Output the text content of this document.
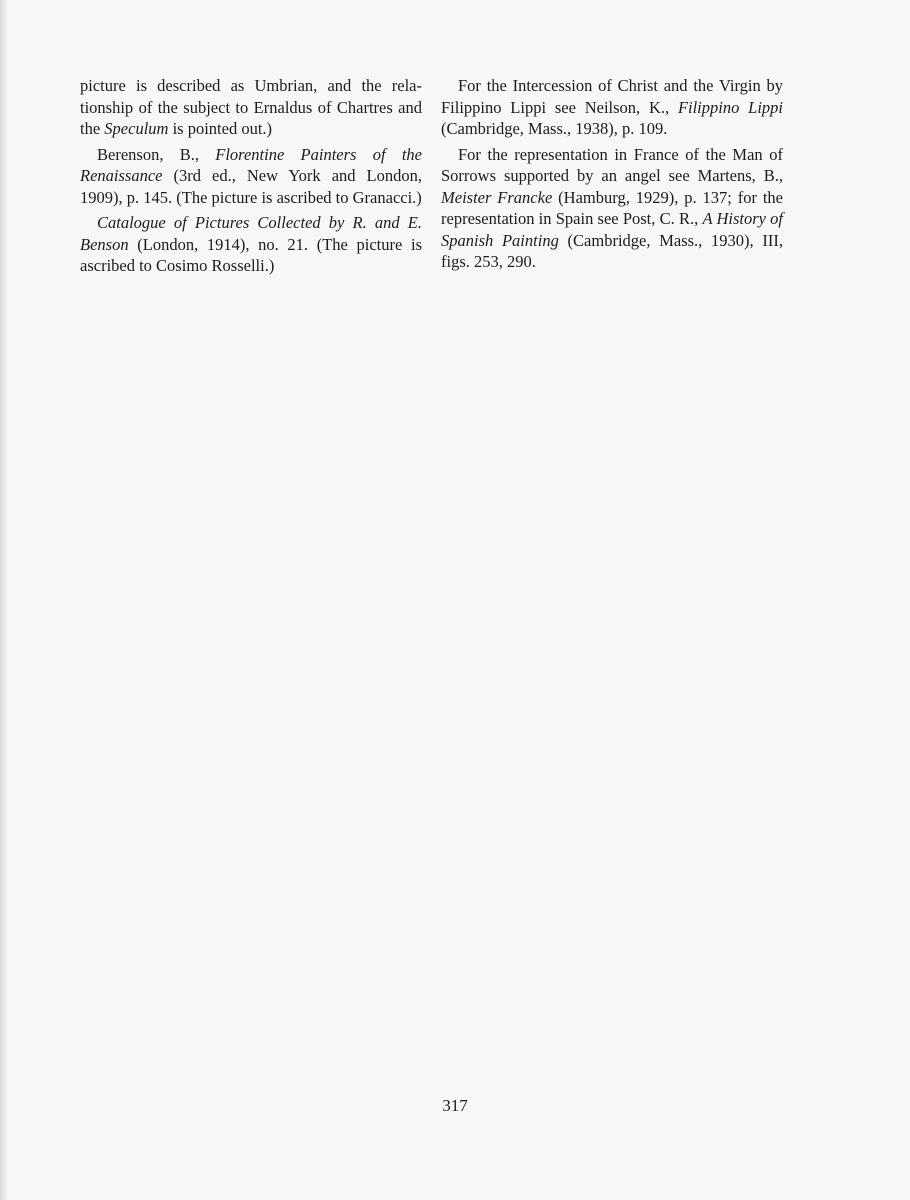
picture is described as Umbrian, and the relationship of the subject to Ernaldus of Chartres and the Speculum is pointed out.)

Berenson, B., Florentine Painters of the Renaissance (3rd ed., New York and London, 1909), p. 145. (The picture is ascribed to Granacci.)

Catalogue of Pictures Collected by R. and E. Benson (London, 1914), no. 21. (The picture is ascribed to Cosimo Rosselli.)

For the Intercession of Christ and the Virgin by Filippino Lippi see Neilson, K., Filippino Lippi (Cambridge, Mass., 1938), p. 109.

For the representation in France of the Man of Sorrows supported by an angel see Martens, B., Meister Francke (Hamburg, 1929), p. 137; for the representation in Spain see Post, C. R., A History of Spanish Painting (Cambridge, Mass., 1930), III, figs. 253, 290.

317
